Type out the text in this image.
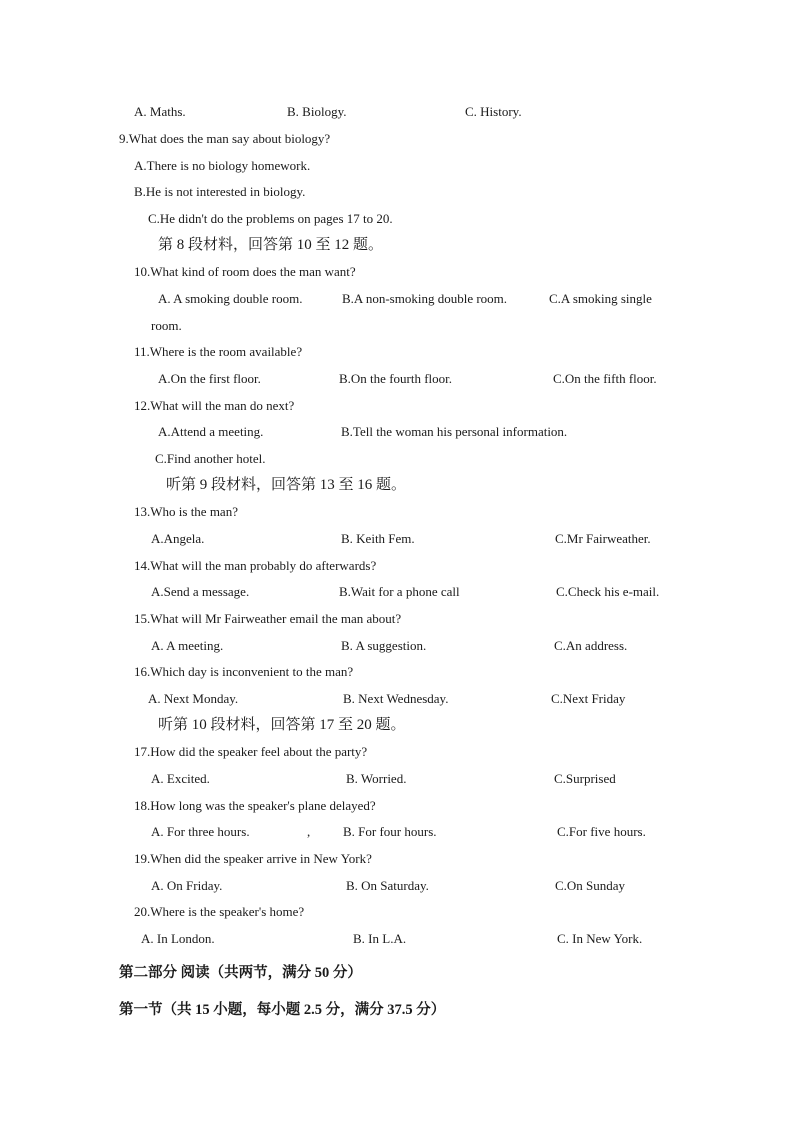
A. Maths.	B. Biology.	C. History.
9.What does the man say about biology?
A.There is no biology homework.
B.He is not interested in biology.
C.He didn't do the problems on pages 17 to 20.
第 8 段材料，回答第 10 至 12 题。
10.What kind of room does the man want?
A. A smoking double room.	B.A non-smoking double room.	C.A smoking single
room.
11.Where is the room available?
A.On the first floor.	B.On the fourth floor.	C.On the fifth floor.
12.What will the man do next?
A.Attend a meeting.	B.Tell the woman his personal information.
C.Find another hotel.
听第 9 段材料，回答第 13 至 16 题。
13.Who is the man?
A.Angela.	B. Keith Fem.	C.Mr Fairweather.
14.What will the man probably do afterwards?
A.Send a message.	B.Wait for a phone call	C.Check his e-mail.
15.What will Mr Fairweather email the man about?
A. A meeting.	B. A suggestion.	C.An address.
16.Which day is inconvenient to the man?
A. Next Monday.	B. Next Wednesday.	C.Next Friday
听第 10 段材料，回答第 17 至 20 题。
17.How did the speaker feel about the party?
A. Excited.	B. Worried.	C.Surprised
18.How long was the speaker's plane delayed?
A. For three hours.	,	B. For four hours.	C.For five hours.
19.When did the speaker arrive in New York?
A. On Friday.	B. On Saturday.	C.On Sunday
20.Where is the speaker's home?
A. In London.	B. In L.A.	C. In New York.
第二部分 阅读（共两节，满分 50 分）
第一节（共 15 小题，每小题 2.5 分，满分 37.5 分）
